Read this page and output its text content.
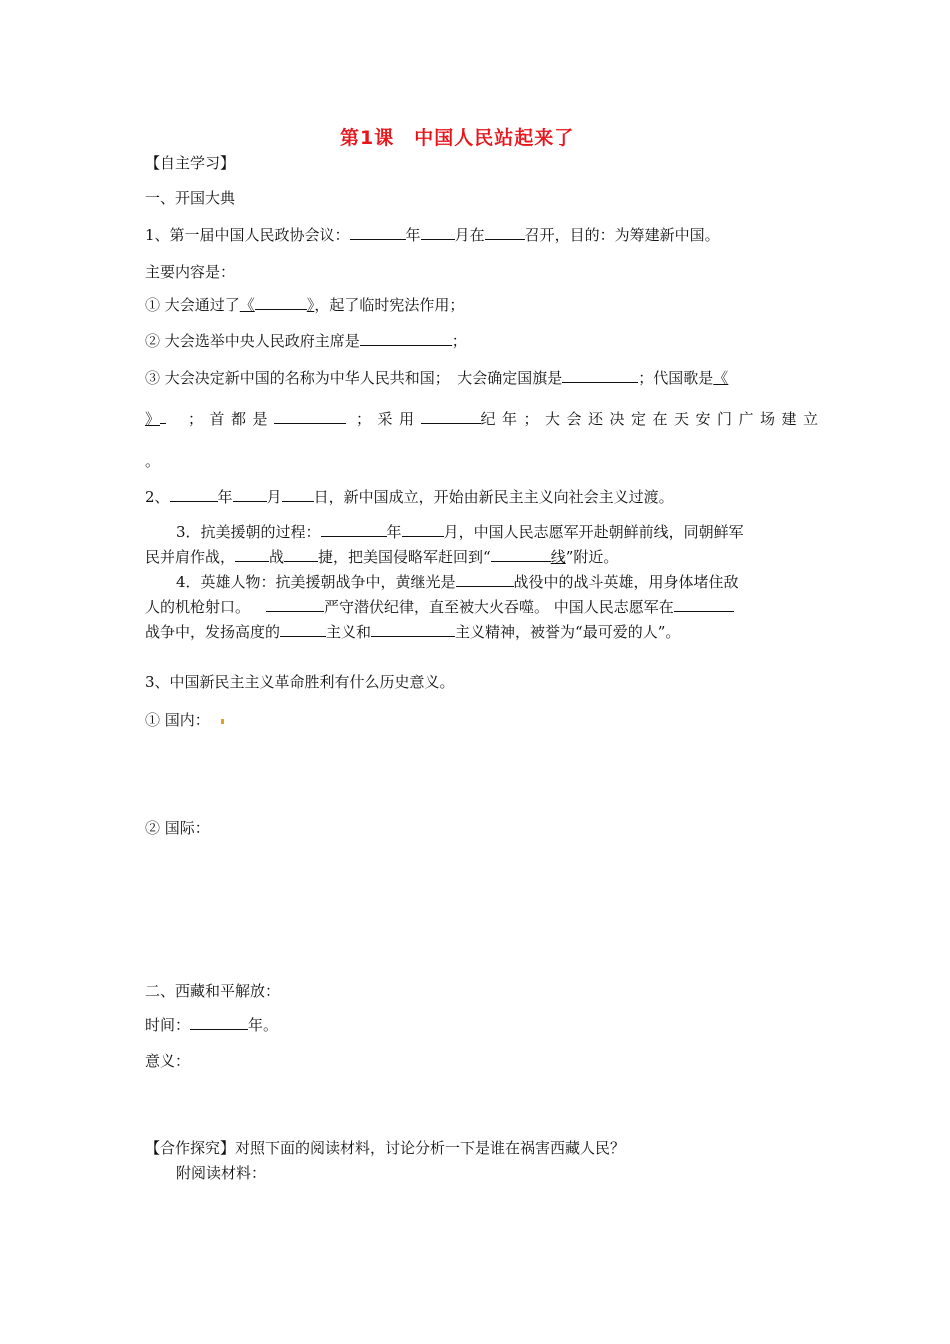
第1课　中国人民站起来了
【自主学习】
一、开国大典
1、第一届中国人民政协会议：	年 月在	召开，目的：为筹建新中国。
主要内容是：
① 大会通过了《	》，起了临时宪法作用；
② 大会选举中央人民政府主席是	；
③ 大会决定新中国的名称为中华人民共和国；　大会确定国旗是	；代国歌是《
》 ；首都是	；采用	纪年；大会还决定在天安门广场建立
。
2、	年 月 日，新中国成立，开始由新民主主义向社会主义过渡。
3．抗美援朝的过程：	年	月，中国人民志愿军开赴朝鲜前线，同朝鲜军
民并肩作战， 战 捷，把美国侵略军赶回到“	线”附近。
4．英雄人物：抗美援朝战争中，黄继光是	战役中的战斗英雄，用身体堵住敌
人的机枪射口。	严守潜伏纪律，直至被大火吞噬。 中国人民志愿军在
战争中，发扬高度的	主义和	主义精神，被誉为“最可爱的人”。
3、中国新民主主义革命胜利有什么历史意义。
① 国内：
② 国际：
二、西藏和平解放：
时间：	年。
意义：
【合作探究】对照下面的阅读材料，讨论分析一下是谁在祸害西藏人民？
附阅读材料：
